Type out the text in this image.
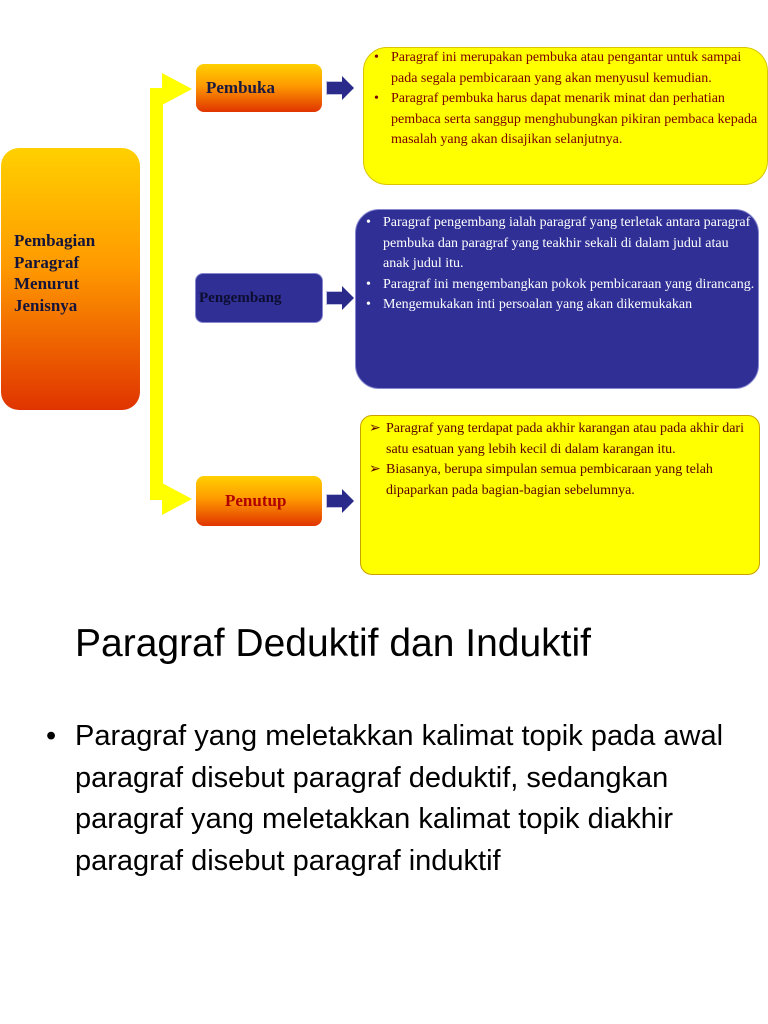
Pembagian
Paragraf
Menurut
Jenisnya
Pembuka
Pengembang
Penutup
• Paragraf ini merupakan pembuka atau pengantar untuk sampai pada segala pembicaraan yang akan menyusul kemudian.
• Paragraf pembuka harus dapat menarik minat dan perhatian pembaca serta sanggup menghubungkan pikiran pembaca kepada masalah yang akan disajikan selanjutnya.
• Paragraf pengembang ialah paragraf yang terletak antara paragraf pembuka dan paragraf yang teakhir sekali di dalam judul atau anak judul itu.
• Paragraf ini mengembangkan pokok pembicaraan yang dirancang.
• Mengemukakan inti persoalan yang akan dikemukakan
➢ Paragraf yang terdapat pada akhir karangan atau pada akhir dari satu esatuan yang lebih kecil di dalam karangan itu.
➢ Biasanya, berupa simpulan semua pembicaraan yang telah dipaparkan pada bagian-bagian sebelumnya.
Paragraf Deduktif dan Induktif
• Paragraf yang meletakkan kalimat topik pada awal paragraf disebut paragraf deduktif, sedangkan paragraf yang meletakkan kalimat topik diakhir paragraf disebut paragraf induktif
